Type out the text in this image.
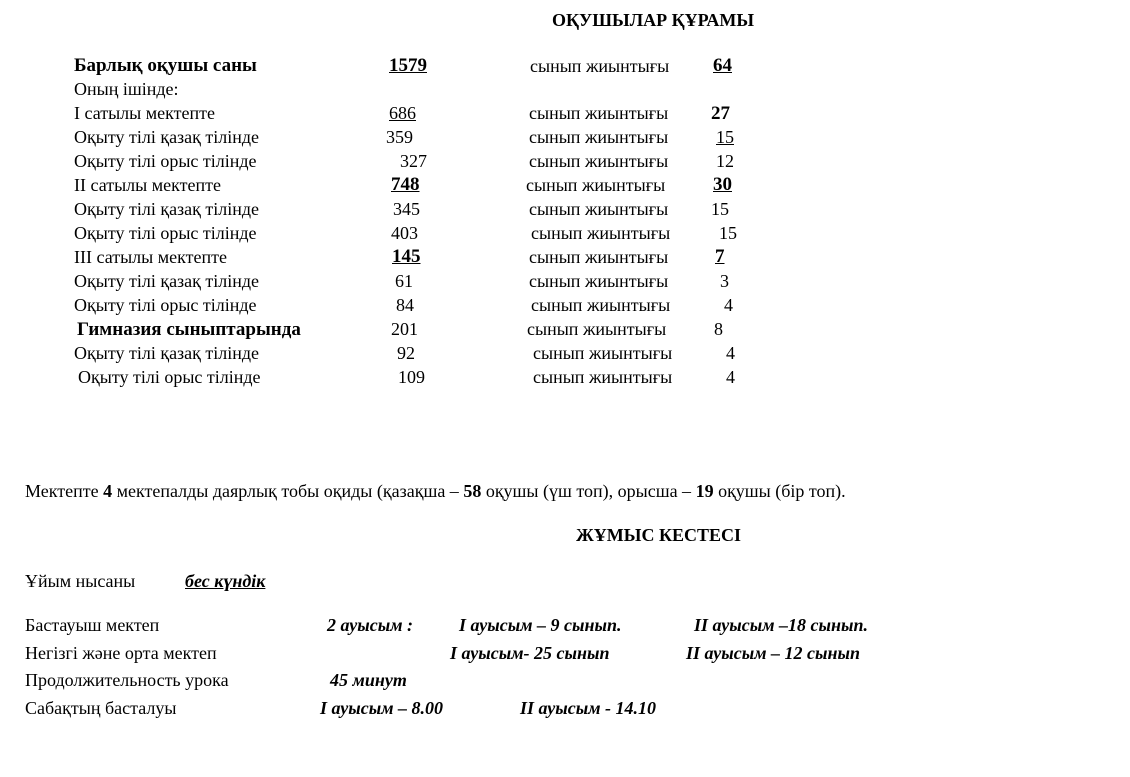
ОҚУШЫЛАР ҚҰРАМЫ
Барлық оқушы саны	1579	сынып жиынтығы 64
Оның ішінде:
І сатылы мектепте	686	сынып жиынтығы 27
Оқыту тілі қазақ тілінде	359	сынып жиынтығы	15
Оқыту тілі орыс тілінде	327	сынып жиынтығы	12
ІІ сатылы мектепте	748	сынып жиынтығы	30
Оқыту тілі қазақ тілінде	345	сынып жиынтығы 15
Оқыту тілі орыс тілінде	403	сынып жиынтығы	15
ІІІ сатылы мектепте	145	сынып жиынтығы 7
Оқыту тілі қазақ тілінде	61	сынып жиынтығы	3
Оқыту тілі орыс тілінде	84	сынып жиынтығы	4
Гимназия сыныптарында	201	сынып жиынтығы	8
Оқыту тілі қазақ тілінде	92	сынып жиынтығы	4
Оқыту тілі орыс тілінде	109	сынып жиынтығы	4
Мектепте 4 мектепалды даярлық тобы оқиды (қазақша – 58 оқушы (үш топ), орысша – 19 оқушы (бір топ).
ЖҰМЫС КЕСТЕСІ
Ұйым нысаны	бес күндік
Бастауыш мектеп	2 ауысым :	І ауысым – 9 сынып.	ІІ ауысым –18 сынып.
Негізгі және орта мектеп	І ауысым- 25 сынып	ІІ ауысым – 12 сынып
Продолжительность урока	45 минут
Сабақтың басталуы	І ауысым – 8.00	ІІ ауысым - 14.10
